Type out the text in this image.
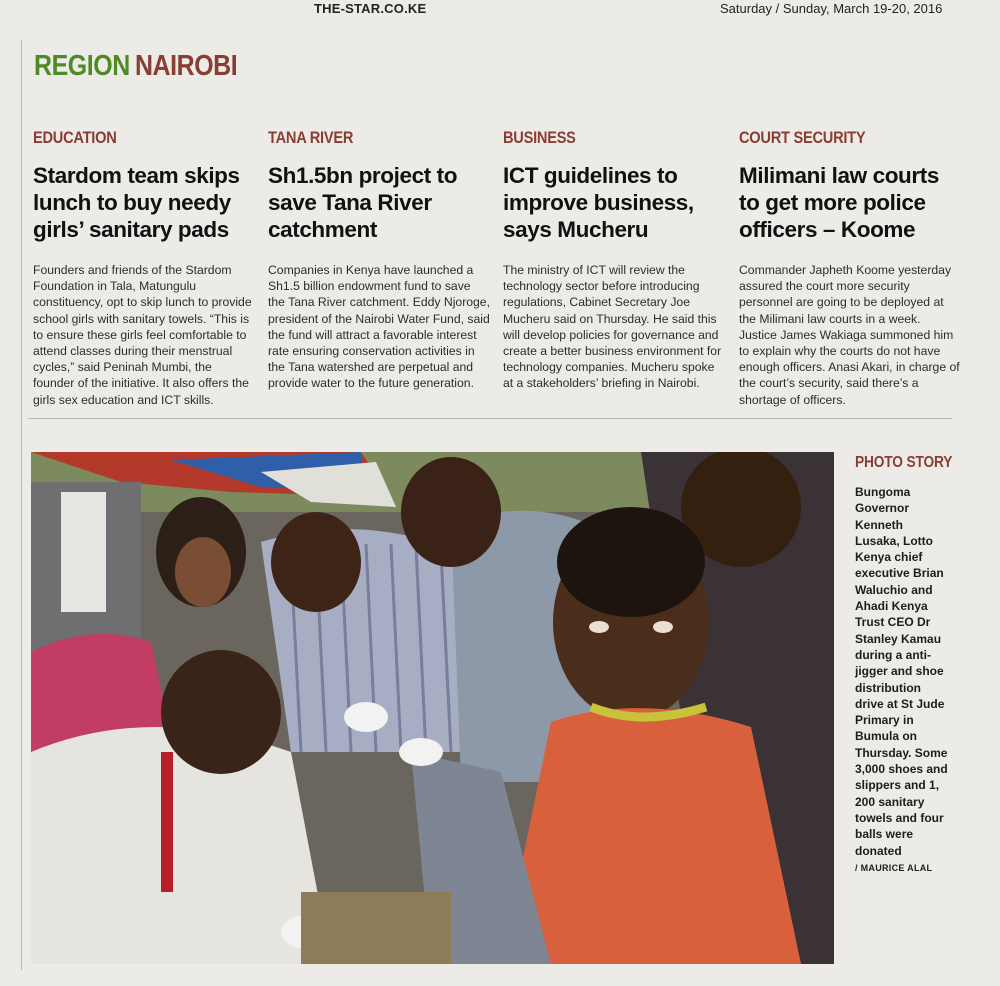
THE-STAR.CO.KE	Saturday / Sunday, March 19-20, 2016
REGION NAIROBI
EDUCATION
Stardom team skips lunch to buy needy girls’ sanitary pads
Founders and friends of the Stardom Foundation in Tala, Matungulu constituency, opt to skip lunch to provide school girls with sanitary towels. “This is to ensure these girls feel comfortable to attend classes during their menstrual cycles,” said Peninah Mumbi, the founder of the initiative. It also offers the girls sex education and ICT skills.
TANA RIVER
Sh1.5bn project to save Tana River catchment
Companies in Kenya have launched a Sh1.5 billion endowment fund to save the Tana River catchment. Eddy Njoroge, president of the Nairobi Water Fund, said the fund will attract a favorable interest rate ensuring conservation activities in the Tana watershed are perpetual and provide water to the future generation.
BUSINESS
ICT guidelines to improve business, says Mucheru
The ministry of ICT will review the technology sector before introducing regulations, Cabinet Secretary Joe Mucheru said on Thursday. He said this will develop policies for governance and create a better business environment for technology companies. Mucheru spoke at a stakeholders’ briefing in Nairobi.
COURT SECURITY
Milimani law courts to get more police officers – Koome
Commander Japheth Koome yesterday assured the court more security personnel are going to be deployed at the Milimani law courts in a week. Justice James Wakiaga summoned him to explain why the courts do not have enough officers. Anasi Akari, in charge of the court’s security, said there’s a shortage of officers.
PHOTO STORY
Bungoma Governor Kenneth Lusaka, Lotto Kenya chief executive Brian Waluchio and Ahadi Kenya Trust CEO Dr Stanley Kamau during a anti-jigger and shoe distribution drive at St Jude Primary in Bumula on Thursday. Some 3,000 shoes and slippers and 1, 200 sanitary towels and four balls were donated
/ MAURICE ALAL
